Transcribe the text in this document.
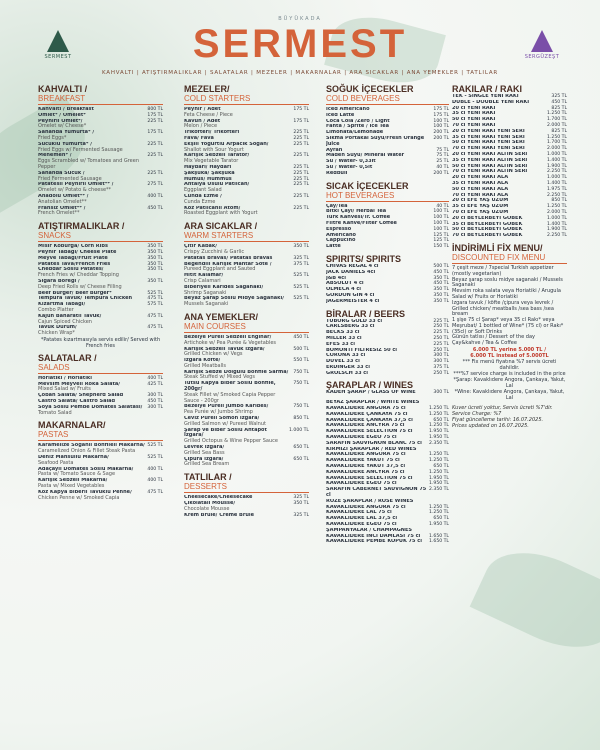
BÜYÜKADA
SERMEST
KAHVALTI | ATIŞTIRMALIKLAR | SALATALAR | MEZELER | MAKARNALAR | ARA SICAKLAR | ANA YEMEKLER | TATLILAR
SERMEST	SERGÜZEŞT
KAHVALTI /
BREAKFAST
Kahvaltı / Breakfast	800 TL
Omlet* / Omelet*	175 TL
Peynirli Omlet*/
Omelet w/ Cheese*
225 TL
Sahanda Yumurta* /
Fried Eggs*
175 TL
Sucuklu Yumurta* /
Fried Eggs w/ Fermented Sausage
225 TL
Menemen* /
Eggs Scrambled w/ Tomatoes and Green Pepper
225 TL
Sahanda Sucuk /
Fried Fermented Sausage
225 TL
Patatesli Peynirli Omlet** /
Omelet w/ Potato & cheese**
275 TL
Anadolu Omlet** /
Anatolian Omelet**
400 TL
Fransız Omlet** /
French Omelet**
450 TL
ATIŞTIRMALIKLAR /
SNACKS
Mısır Koburga/ Corn Ribs	350 TL
Peynir Tabağı/ Cheese Plate	350 TL
Meyve Tabağı/Fruit Plate	350 TL
Patates Tava/French Fries	350 TL
Cheddar Soslu Patates/
French Fries w/ Cheddar Topping
350 TL
Sigara Böreği /
Deep Fried Rolls w/ Cheese Filling
350 TL
Beef Burger/ Beef Burger*	525 TL
Tempura Tavuk/ Tempura Chicken	475 TL
Kızartma Tabağı/
Combo Platter
575 TL
Kajun Baharatlı Tavuk/
Cajun Spiced Chicken
475 TL
Tavuk Dürüm/
Chicken Wrap*
475 TL
*Patates kızartmasıyla servis edilir/ Served with French fries
SALATALAR /
SALADS
Horiatiki / Horiatiki	400 TL
Mevsim Meyveli Roka Salata/
Mixed Salad w/ Fruits
425 TL
Çoban Salata/ Shepherd Salad	300 TL
Castro Salata/ Castro Salad	450 TL
Soya Soslu Pembe Domates Salatası/
Tomato Salad
300 TL
MAKARNALAR/
PASTAS
Karamelize Soğanlı Bonfileli Makarna/
Caramelized Onion & Fillet Steak Pasta
525 TL
Deniz Mahsüllü Makarna/
Seafood Pasta
525 TL
Adaçaylı Domates Soslu Makarna/
Pasta w/ Tomato Sauce & Sage
400 TL
Karışık Sebzeli Makarna/
Pasta w/ Mixed Vegetables
400 TL
Köz Kapya Biberli Tavuklu Penne/
Chicken Penne w/ Smoked Capia
475 TL
MEZELER/
COLD STARTERS
Peynir / Adet
Feta Cheese / Piece
175 TL
Kavun / Adet
Melon / Piece
175 TL
Trikofteri/ Trikofteri	225 TL
Fava/ Fava	225 TL
Ekşili Yoğurtlu Arpacık Soğan/
Shallot with Sour Yogurt
225 TL
Karışık Sebzeli Tarator/
Mix Vegetable Tarator
225 TL
Haydari/ Haydari	225 TL
Şakşuka/ Şakşuka	225 TL
Humus/ Hummus	225 TL
Antalya Usulü Patlıcan/
Eggplant Salad
225 TL
Cunda Ezme /
Cunda Ezme
225 TL
Köz Patlıcanlı Atom/
Roasted Eggplant with Yogurt
225 TL
ARA SICAKLAR /
WARM STARTERS
Çıtır Kabak/
Crispy Zucchini & Garlic
350 TL
Patatas Bravas/ Patatas Bravas	325 TL
Beğendili Karışık Mantar Sote /
Pureed Eggplant and Sauted
375 TL
Hitit Kalamar/
Crisp Calamari
525 TL
Biberiyeli Karides Saganaki/
Shrimp Saganaki
525 TL
Beyaz Şarap Soslu Midye Saganaki/
Mussels Saganaki
525 TL
ANA YEMEKLER/
MAIN COURSES
Bezelye Püreli Sebzeli Enginar/
Artichoke w/ Pea Purée & Vegetables
450 TL
Karışık Sebzeli Tavuk Izgara/
Grilled Chicken w/ Vegs
500 TL
Izgara Köfte/
Grilled Meatballs
550 TL
Karışık Sebze Dolgulu Bonfile Sarma/
Steak Stuffed w/ Mixed Vegs
750 TL
Tütsü Kapya Biber Soslu Bonfile, 200gr/
Steak Fillet w/ Smoked Capia Pepper Sauce - 200gr
750 TL
Bezelye Püreli Jumbo Karides/
Pea Purée w/ Jumbo Shrimp
750 TL
Ceviz Püreli Somon Izgara/
Grilled Salmon w/ Pureed Walnut
850 TL
Şarap ve Biber Soslu Ahtapot Izgara/
Grilled Octopus & Wine Pepper Sauce
1.000 TL
Levrek Izgara/
Grilled Sea Bass
650 TL
Çipura Izgara/
Grilled Sea Bream
650 TL
TATLILAR /
DESSERTS
Cheesecake/Cheesecake	325 TL
Çikolatalı Mousse/
Chocolate Mousse
350 TL
Krem Brüle/ Crème Brûlé	325 TL
SOĞUK İÇECEKLER
COLD BEVERAGES
Iced Americano	175 TL
Iced Latte	175 TL
Coca Cola /Zero / Light	100 TL
Fanta / Sprite / Ice Tea	100 TL
Limonata/Lemonade	200 TL
Sıkma Portakal Suyu/Fresh Orange Juice
200 TL
Ayran	75 TL
Maden Suyu/ Mineral Water	75 TL
Su / Water- 0,33lt	25 TL
Su / Water- 0,5lt	40 TL
Redbull	200 TL
SICAK İÇECEKLER
HOT BEVERAGES
Çay/Tea	40 TL
Bitki Çayı/ Herbal Tea	100 TL
Türk Kahvesi/Tr. Coffee	100 TL
Filtre Kahve/Filter Coffee	100 TL
Espresso	100 TL
Americano	125 TL
Cappucino	125 TL
Latte	150 TL
SPIRITS/ SPIRITS
CHIVAS REGAL 4 cl	500 TL
JACK DANIELS 4cl	450 TL
J&B 4cl	350 TL
ABSOLUT 4 cl	450 TL
OLMECA 4 cl	350 TL
GORDON GIN 4 cl	350 TL
JAGERMEISTER 4 cl	350 TL
BİRALAR / BEERS
TUBORG GOLD 33 cl	225 TL
CARLSBERG 33 cl	250 TL
BECKS 33 cl	225 TL
MILLER 33 cl	250 TL
EFES 33 cl	225 TL
BOMONTI FILTRESIZ 50 cl	250 TL
CORONA 33 cl	300 TL
DUVEL 33 cl	300 TL
ERDINGER 33 cl	375 TL
GROLSCH 33 cl	250 TL
ŞARAPLAR / WINES
KADEH ŞARAP / GLASS OF WINE	300 TL
BEYAZ ŞARAPLAR / WHITE WINES
KAVAKLIDERE ANGORA 75 cl	1.250 TL
KAVAKLIDERE ÇANKAYA 75 cl	1.250 TL
KAVAKLIDERE ÇANKAYA 37,5 cl	650 TL
KAVAKLIDERE ANCYRA 75 cl	1.250 TL
KAVAKLIDERE SELECTION 75 cl	1.950 TL
KAVAKLIDERE EGEO 75 cl	1.950 TL
SARAFIN SAUVIGNON BLANC 75 cl	2.350 TL
KIRMIZI ŞARAPLAR / RED WINES
KAVAKLIDERE ANGORA 75 cl	1.250 TL
KAVAKLIDERE YAKUT 75 cl	1.250 TL
KAVAKLIDERE YAKUT 37,5 cl	650 TL
KAVAKLIDERE ANCYRA 75 cl	1.250 TL
KAVAKLIDERE SELECTION 75 cl	1.950 TL
KAVAKLIDERE EGEO 75 cl	1.950 TL
SARAFIN CABERNET SAUVIGNON 75 cl
2.350 TL
ROZE ŞARAPLAR / ROSÉ WINES
KAVAKLIDERE ANGORA 75 cl	1.250 TL
KAVAKLIDERE LAL 75 cl	1.250 TL
KAVAKLIDERE LAL 37,5 cl	650 TL
KAVAKLIDERE EGEO 75 cl	1.950 TL
ŞAMPANYALAR / CHAMPAGNES
KAVAKLIDERE İNCİ DAMLASI 75 cl	1.650 TL
KAVAKLIDERE PEMBE KÖPÜK 75 cl	1.650 TL
RAKILAR / RAKI
TEK - SINGLE YENİ RAKI	325 TL
DUBLE - DOUBLE YENİ RAKI	450 TL
20 cl YENİ RAKI	825 TL
35 cl YENİ RAKI	1.250 TL
50 cl YENİ RAKI	1.700 TL
70 cl YENİ RAKI	2.000 TL
20 cl YENİ RAKI YENİ SERİ	825 TL
35 cl YENİ RAKI YENİ SERİ	1.250 TL
50 cl YENİ RAKI YENİ SERİ	1.700 TL
70 cl YENİ RAKI YENİ SERİ	2.000 TL
20 cl YENİ RAKI ALTIN SERİ	1.000 TL
35 cl YENİ RAKI ALTIN SERİ	1.400 TL
50 cl YENİ RAKI ALTIN SERİ	1.900 TL
70 cl YENİ RAKI ALTIN SERİ	2.250 TL
20 cl YENİ RAKI ALA	1.000 TL
35 cl YENİ RAKI ALA	1.400 TL
50 cl YENİ RAKI ALA	1.975 TL
70 cl YENİ RAKI ALA	2.250 TL
20 cl EFE YAŞ ÜZÜM	850 TL
35 cl EFE YAŞ ÜZÜM	1.250 TL
70 cl EFE YAŞ ÜZÜM	2.000 TL
20 cl BEYLERBEYİ GÖBEK	1.000 TL
35 cl BEYLERBEYİ GÖBEK	1.400 TL
50 cl BEYLERBEYİ GÖBEK	1.900 TL
70 cl BEYLERBEYİ GÖBEK	2.250 TL
İNDİRİMLİ FİX MENU/
DISCOUNTED FIX MENU
7 çeşit meze / 7special Turkish appetizer (mostly vegetarian)
Beyaz şarap soslu midye saganaki / Mussels Saganaki
Mevsim roka salata veya Horiatiki / Arugula Salad w/ Fruits or Horiatiki
Izgara tavuk / köfte /çipura veya levrek / Grilled chicken/ meatballs /sea bass /sea bream
1 şişe 75 cl Şarap* veya 35 cl Rakı* veya Meşrubat/ 1 bottled of Wine* (75 cl) or Rakı* (35cl) or Soft Drinks
Günün tatlısı / Dessert of the day
Çay&kahve / Tea & Coffee
6.000 TL yerine 5.000 TL /
6.000 TL instead of 5.000TL
*** Fix menü fiyatına %7 servis ücreti dahildir.
***%7 service charge is included in the price
*Şarap: Kavaklıdere Angora, Çankaya, Yakut, Lal
*Wine: Kavaklıdere Angora, Çankaya, Yakut, Lal
Kuver ücreti yoktur, Servis ücreti %7'dir.
Service Charge: %7
Fiyat güncelleme tarihi: 16.07.2025.
Prices updated on 16.07.2025.
